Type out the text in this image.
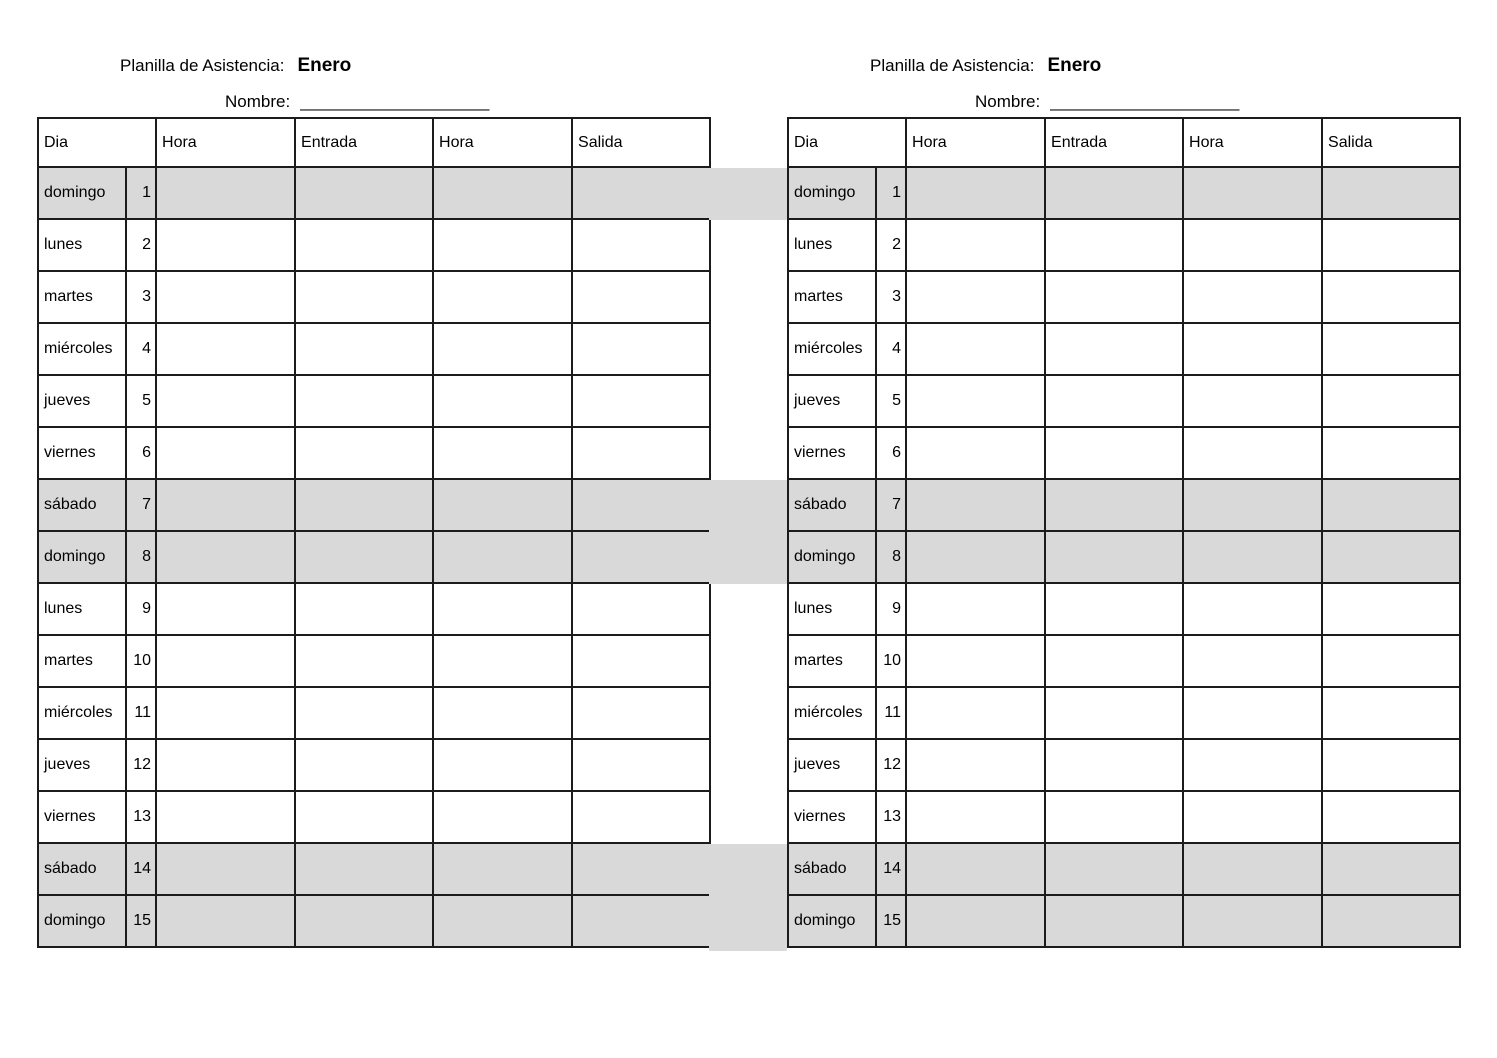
Planilla de Asistencia: Enero
Nombre: ____________________
Dia		Hora	Entrada	Hora	Salida
domingo	1				
lunes	2				
martes	3				
miércoles	4				
jueves	5				
viernes	6				
sábado	7				
domingo	8				
lunes	9				
martes	10				
miércoles	11				
jueves	12				
viernes	13				
sábado	14				
domingo	15				
Planilla de Asistencia: Enero
Nombre: ____________________
Dia		Hora	Entrada	Hora	Salida
domingo	1				
lunes	2				
martes	3				
miércoles	4				
jueves	5				
viernes	6				
sábado	7				
domingo	8				
lunes	9				
martes	10				
miércoles	11				
jueves	12				
viernes	13				
sábado	14				
domingo	15				
